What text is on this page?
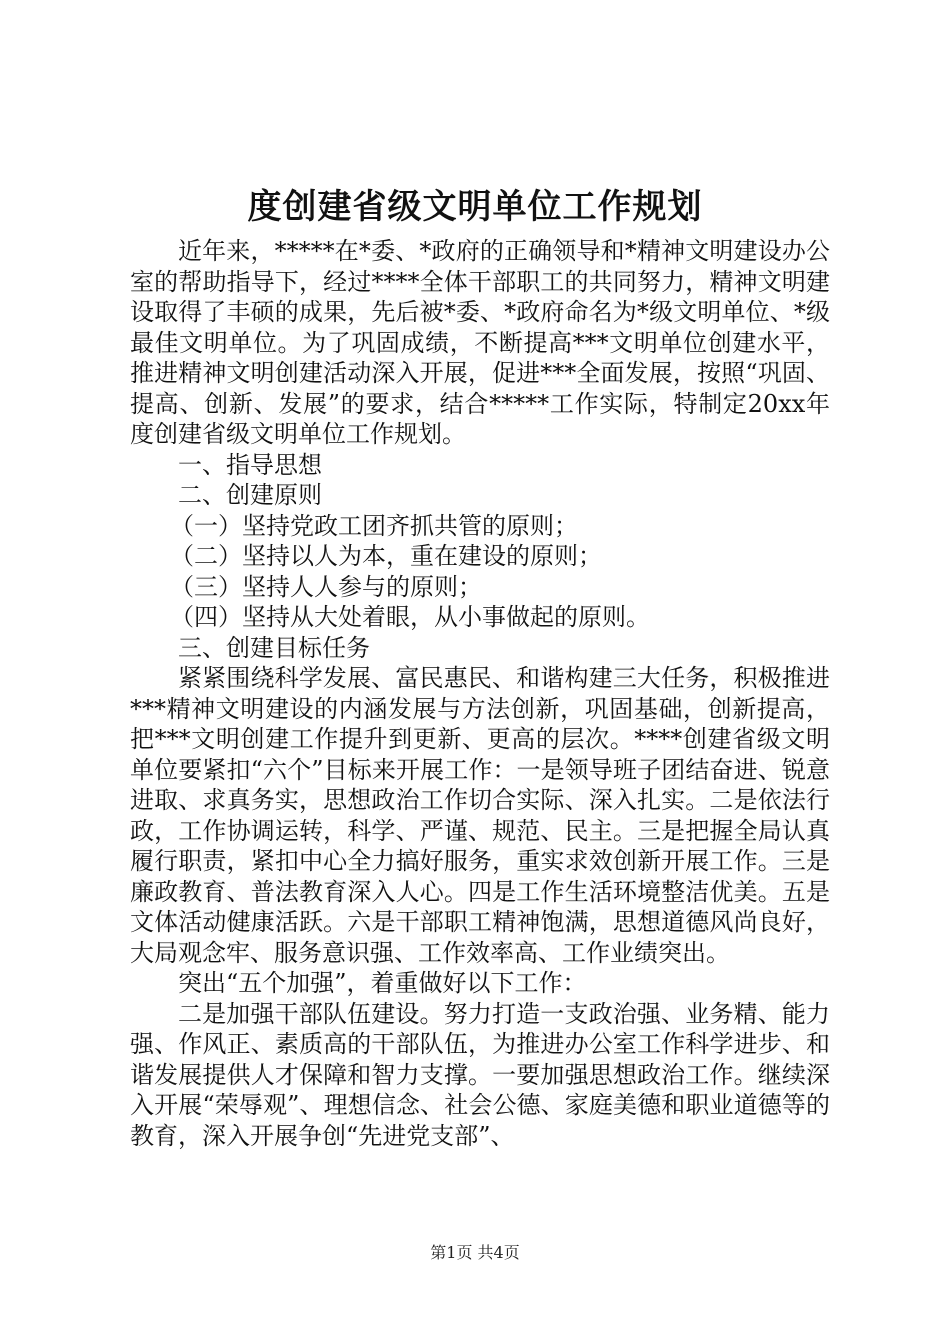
度创建省级文明单位工作规划

近年来，*****在*委、*政府的正确领导和*精神文明建设办公室的帮助指导下，经过****全体干部职工的共同努力，精神文明建设取得了丰硕的成果，先后被*委、*政府命名为*级文明单位、*级最佳文明单位。为了巩固成绩，不断提高***文明单位创建水平，推进精神文明创建活动深入开展，促进***全面发展，按照“巩固、提高、创新、发展”的要求，结合*****工作实际，特制定20xx年度创建省级文明单位工作规划。

一、指导思想

二、创建原则

（一）坚持党政工团齐抓共管的原则；

（二）坚持以人为本，重在建设的原则；

（三）坚持人人参与的原则；

（四）坚持从大处着眼，从小事做起的原则。

三、创建目标任务

紧紧围绕科学发展、富民惠民、和谐构建三大任务，积极推进***精神文明建设的内涵发展与方法创新，巩固基础，创新提高，把***文明创建工作提升到更新、更高的层次。****创建省级文明单位要紧扣“六个”目标来开展工作：一是领导班子团结奋进、锐意进取、求真务实，思想政治工作切合实际、深入扎实。二是依法行政，工作协调运转，科学、严谨、规范、民主。三是把握全局认真履行职责，紧扣中心全力搞好服务，重实求效创新开展工作。三是廉政教育、普法教育深入人心。四是工作生活环境整洁优美。五是文体活动健康活跃。六是干部职工精神饱满，思想道德风尚良好，大局观念牢、服务意识强、工作效率高、工作业绩突出。

突出“五个加强”，着重做好以下工作：

二是加强干部队伍建设。努力打造一支政治强、业务精、能力强、作风正、素质高的干部队伍，为推进办公室工作科学进步、和谐发展提供人才保障和智力支撑。一要加强思想政治工作。继续深入开展“荣辱观”、理想信念、社会公德、家庭美德和职业道德等的教育，深入开展争创“先进党支部”、

第1页 共4页
